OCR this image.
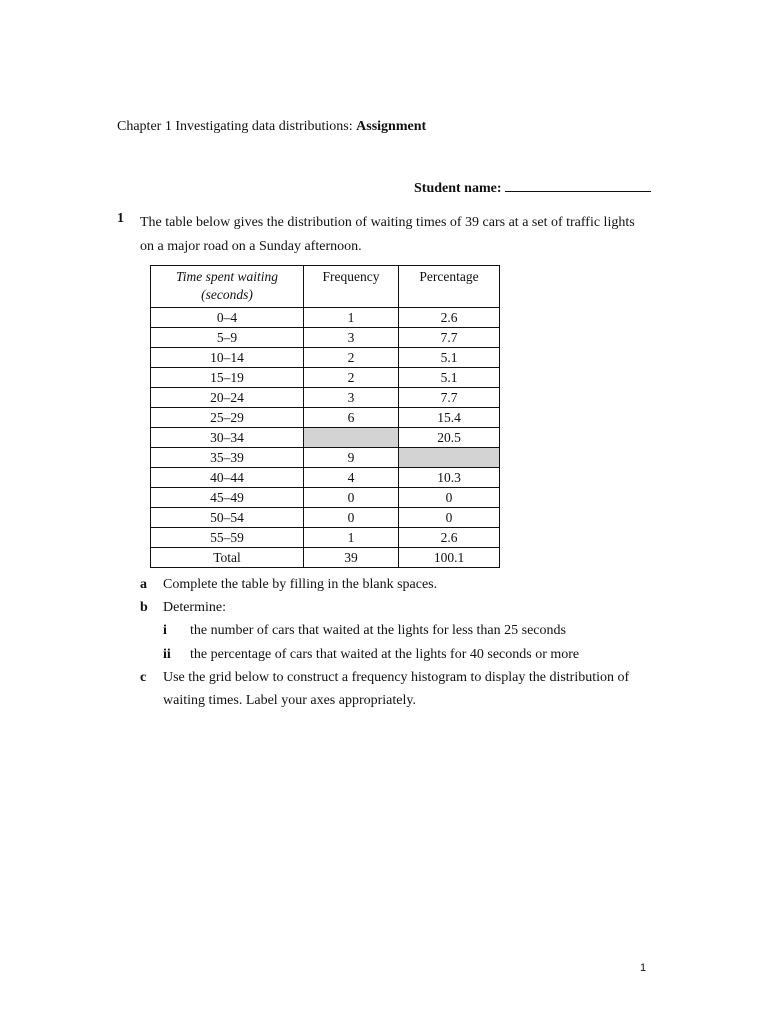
Chapter 1 Investigating data distributions: Assignment
Student name:
1 The table below gives the distribution of waiting times of 39 cars at a set of traffic lights on a major road on a Sunday afternoon.
Time spent waiting (seconds)	Frequency	Percentage
0–4	1	2.6
5–9	3	7.7
10–14	2	5.1
15–19	2	5.1
20–24	3	7.7
25–29	6	15.4
30–34		20.5
35–39	9	
40–44	4	10.3
45–49	0	0
50–54	0	0
55–59	1	2.6
Total	39	100.1
a Complete the table by filling in the blank spaces.
b Determine:
i the number of cars that waited at the lights for less than 25 seconds
ii the percentage of cars that waited at the lights for 40 seconds or more
c Use the grid below to construct a frequency histogram to display the distribution of waiting times. Label your axes appropriately.
1
